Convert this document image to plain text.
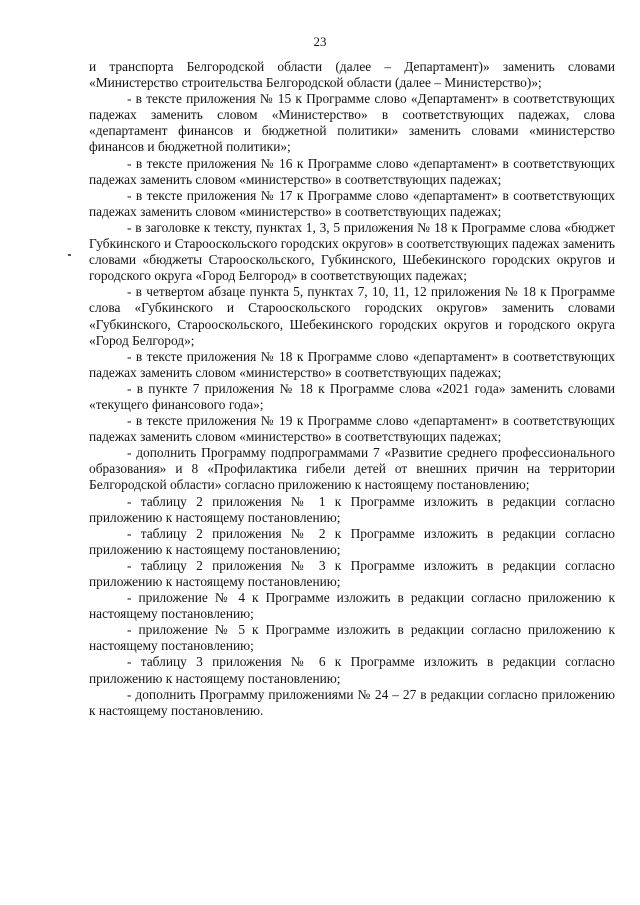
23

и транспорта Белгородской области (далее – Департамент)» заменить словами «Министерство строительства Белгородской области (далее – Министерство)»;

- в тексте приложения № 15 к Программе слово «Департамент» в соответствующих падежах заменить словом «Министерство» в соответствующих падежах, слова «департамент финансов и бюджетной политики» заменить словами «министерство финансов и бюджетной политики»;

- в тексте приложения № 16 к Программе слово «департамент» в соответствующих падежах заменить словом «министерство» в соответствующих падежах;

- в тексте приложения № 17 к Программе слово «департамент» в соответствующих падежах заменить словом «министерство» в соответствующих падежах;

- в заголовке к тексту, пунктах 1, 3, 5 приложения № 18 к Программе слова «бюджет Губкинского и Старооскольского городских округов» в соответствующих падежах заменить словами «бюджеты Старооскольского, Губкинского, Шебекинского городских округов и городского округа «Город Белгород» в соответствующих падежах;

- в четвертом абзаце пункта 5, пунктах 7, 10, 11, 12 приложения № 18 к Программе слова «Губкинского и Старооскольского городских округов» заменить словами «Губкинского, Старооскольского, Шебекинского городских округов и городского округа «Город Белгород»;

- в тексте приложения № 18 к Программе слово «департамент» в соответствующих падежах заменить словом «министерство» в соответствующих падежах;

- в пункте 7 приложения № 18 к Программе слова «2021 года» заменить словами «текущего финансового года»;

- в тексте приложения № 19 к Программе слово «департамент» в соответствующих падежах заменить словом «министерство» в соответствующих падежах;

- дополнить Программу подпрограммами 7 «Развитие среднего профессионального образования» и 8 «Профилактика гибели детей от внешних причин на территории Белгородской области» согласно приложению к настоящему постановлению;

- таблицу 2 приложения № 1 к Программе изложить в редакции согласно приложению к настоящему постановлению;

- таблицу 2 приложения № 2 к Программе изложить в редакции согласно приложению к настоящему постановлению;

- таблицу 2 приложения № 3 к Программе изложить в редакции согласно приложению к настоящему постановлению;

- приложение № 4 к Программе изложить в редакции согласно приложению к настоящему постановлению;

- приложение № 5 к Программе изложить в редакции согласно приложению к настоящему постановлению;

- таблицу 3 приложения № 6 к Программе изложить в редакции согласно приложению к настоящему постановлению;

- дополнить Программу приложениями № 24 – 27 в редакции согласно приложению к настоящему постановлению.
